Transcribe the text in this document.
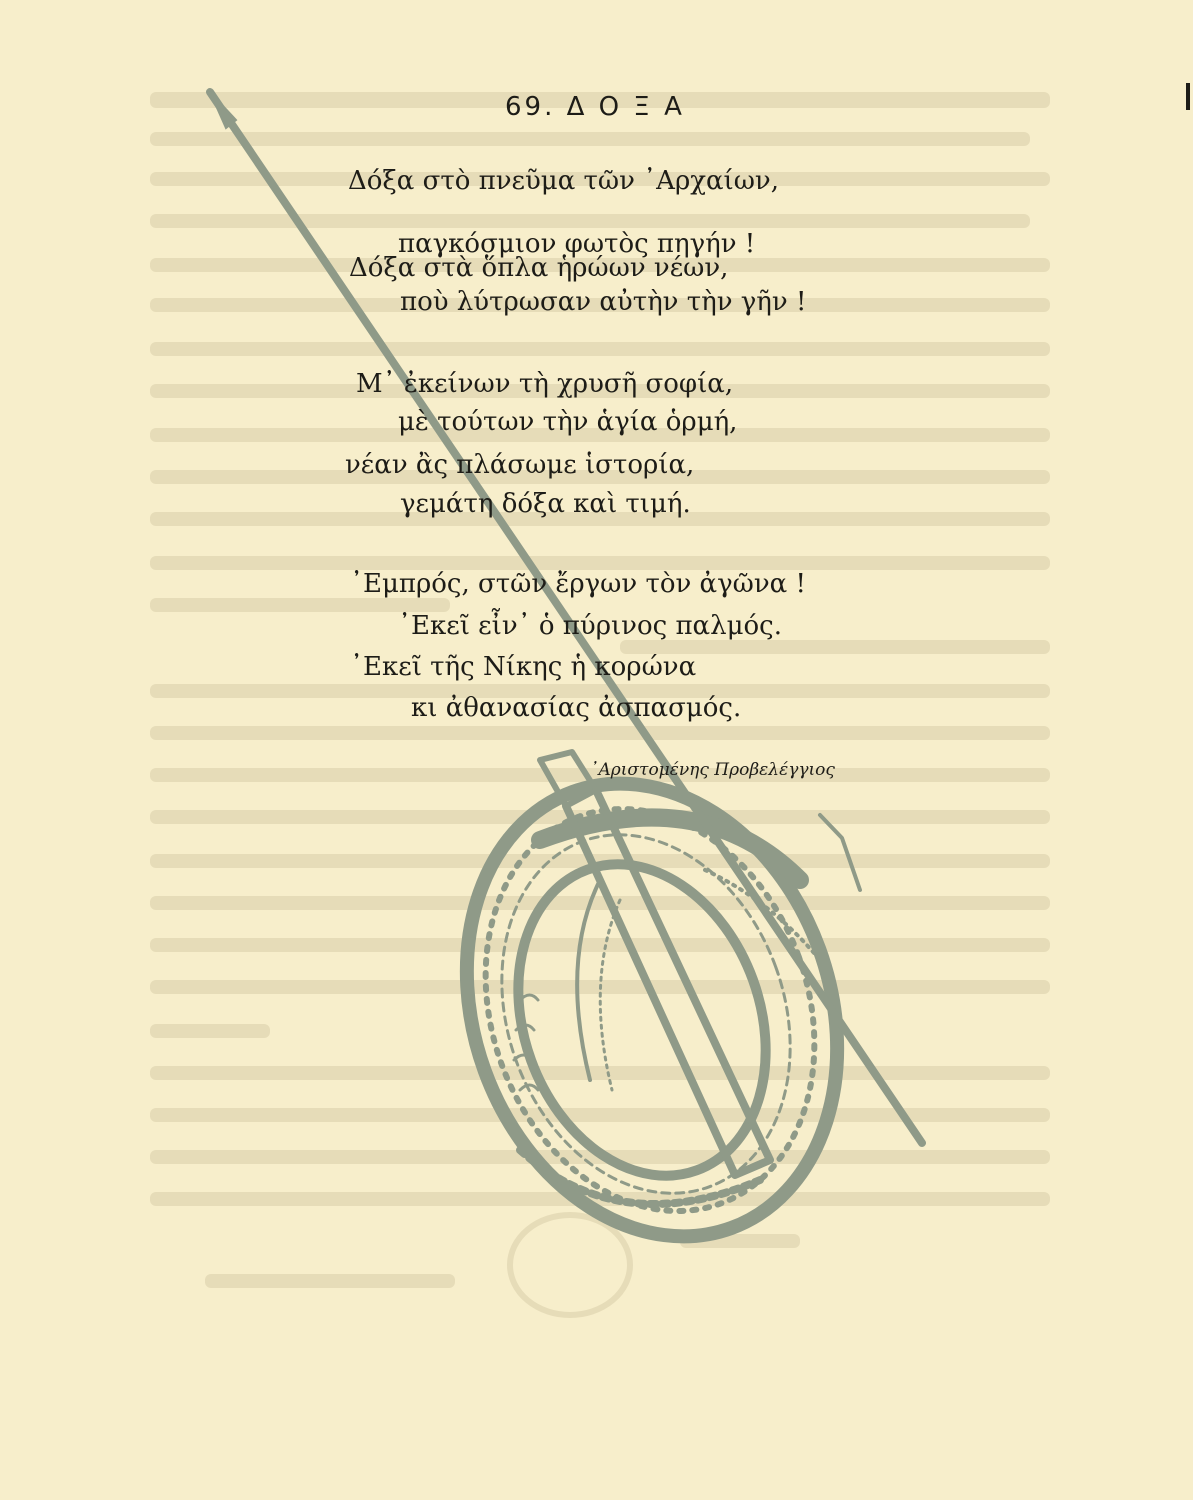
69. Δ Ο Ξ Α

Δόξα στὸ πνεῦμα τῶν ᾿Αρχαίων,

παγκόσμιον φωτὸς πηγήν !

Δόξα στὰ ὅπλα ἡρώων νέων,

ποὺ λύτρωσαν αὐτὴν τὴν γῆν !

Μ᾿ ἐκείνων τὴ χρυσῆ σοφία,

μὲ τούτων τὴν ἁγία ὁρμή,

νέαν ἂς πλάσωμε ἱστορία,

γεμάτη δόξα καὶ τιμή.

᾿Εμπρός, στῶν ἔργων τὸν ἀγῶνα !

᾿Εκεῖ εἶν᾿ ὁ πύρινος παλμός.

᾿Εκεῖ τῆς Νίκης ἡ κορώνα

κι ἀθανασίας ἀσπασμός.

᾿Αριστομένης Προβελέγγιος
